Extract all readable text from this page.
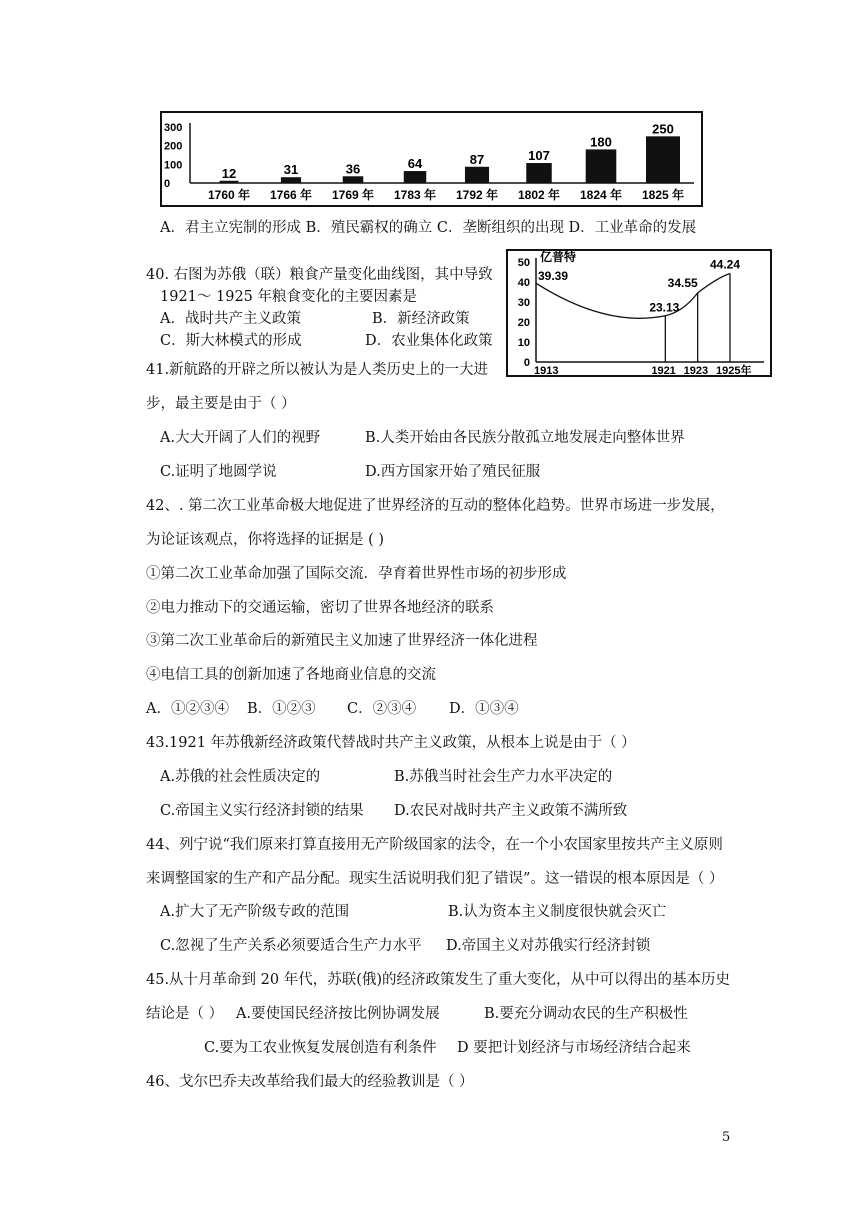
300
200
100
0
12
1760 年
31
1766 年
36
1769 年
64
1783 年
87
1792 年
107
1802 年
180
1824 年
250
1825 年
A．君主立宪制的形成 B．殖民霸权的确立 C．垄断组织的出现 D．工业革命的发展
40. 右图为苏俄（联）粮食产量变化曲线图，其中导致
1921～ 1925 年粮食变化的主要因素是
A．战时共产主义政策	B．新经济政策
C．斯大林模式的形成	D．农业集体化政策
亿普特
50
40
30
20
10
0
39.39
23.13
34.55
44.24
1913	1921 1923 1925年
41.新航路的开辟之所以被认为是人类历史上的一大进
步，最主要是由于（ ）
A.大大开阔了人们的视野	B.人类开始由各民族分散孤立地发展走向整体世界
C.证明了地圆学说	D.西方国家开始了殖民征服
42、. 第二次工业革命极大地促进了世界经济的互动的整体化趋势。世界市场进一步发展，
为论证该观点，你将选择的证据是 ( )
①第二次工业革命加强了国际交流．孕育着世界性市场的初步形成
②电力推动下的交通运输，密切了世界各地经济的联系
③第二次工业革命后的新殖民主义加速了世界经济一体化进程
④电信工具的创新加速了各地商业信息的交流
A．①②③④ B．①②③ C．②③④ D．①③④
43.1921 年苏俄新经济政策代替战时共产主义政策，从根本上说是由于（ ）
A.苏俄的社会性质决定的	B.苏俄当时社会生产力水平决定的
C.帝国主义实行经济封锁的结果 D.农民对战时共产主义政策不满所致
44、列宁说“我们原来打算直接用无产阶级国家的法令，在一个小农国家里按共产主义原则
来调整国家的生产和产品分配。现实生活说明我们犯了错误”。这一错误的根本原因是（ ）
A.扩大了无产阶级专政的范围	B.认为资本主义制度很快就会灭亡
C.忽视了生产关系必须要适合生产力水平 D.帝国主义对苏俄实行经济封锁
45.从十月革命到 20 年代，苏联(俄)的经济政策发生了重大变化，从中可以得出的基本历史
结论是（ ） A.要使国民经济按比例协调发展	B.要充分调动农民的生产积极性
C.要为工农业恢复发展创造有利条件 D 要把计划经济与市场经济结合起来
46、戈尔巴乔夫改革给我们最大的经验教训是（ ）
5
